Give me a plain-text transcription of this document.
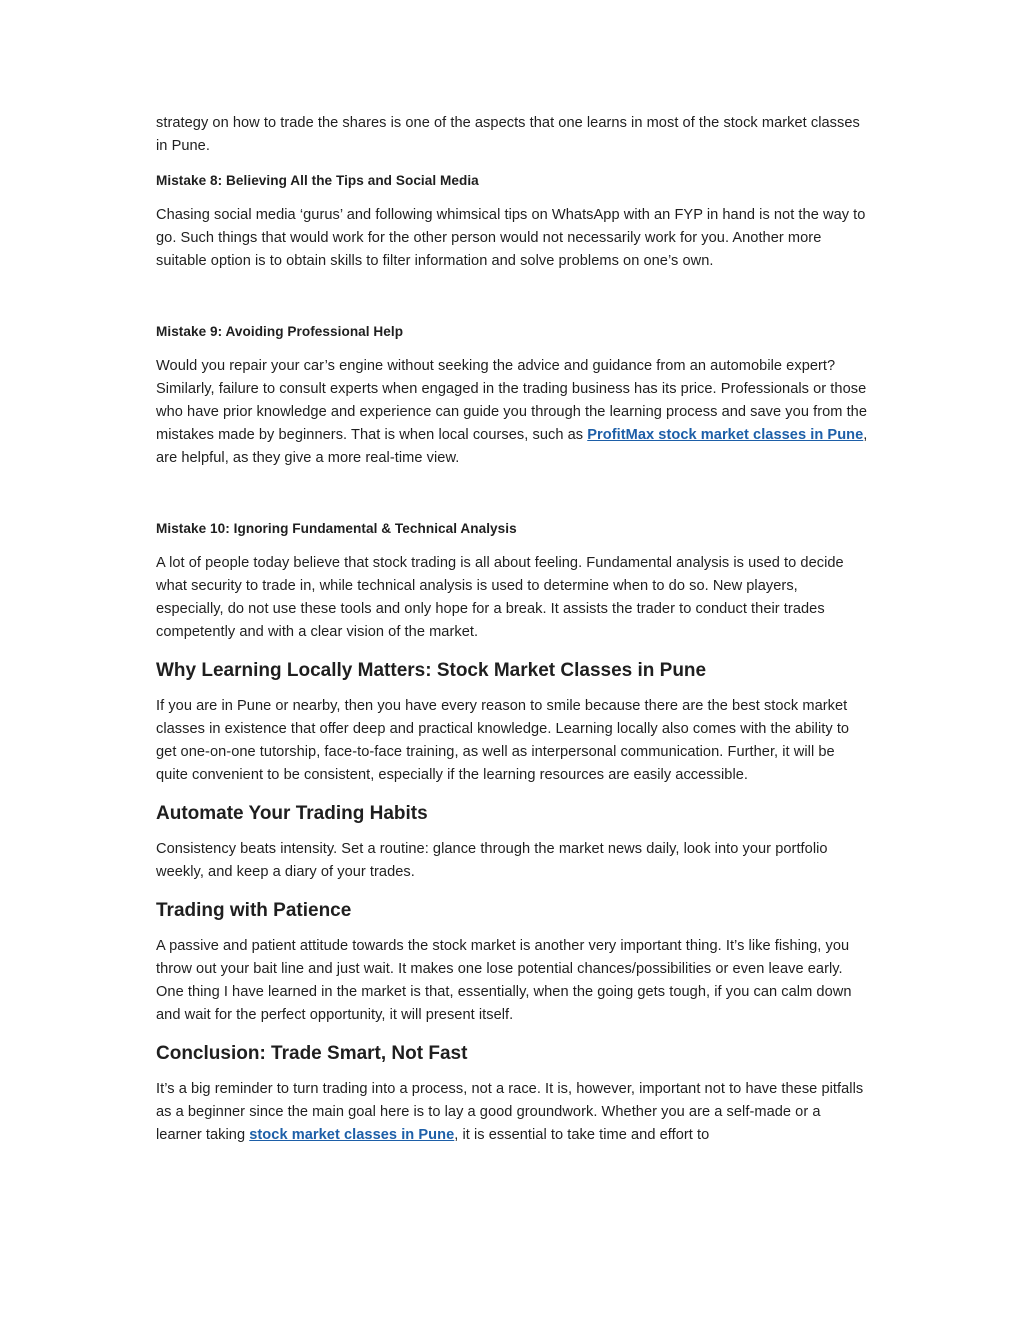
strategy on how to trade the shares is one of the aspects that one learns in most of the stock market classes in Pune.

Mistake 8: Believing All the Tips and Social Media

Chasing social media ‘gurus’ and following whimsical tips on WhatsApp with an FYP in hand is not the way to go. Such things that would work for the other person would not necessarily work for you. Another more suitable option is to obtain skills to filter information and solve problems on one’s own.

Mistake 9: Avoiding Professional Help

Would you repair your car’s engine without seeking the advice and guidance from an automobile expert? Similarly, failure to consult experts when engaged in the trading business has its price. Professionals or those who have prior knowledge and experience can guide you through the learning process and save you from the mistakes made by beginners. That is when local courses, such as ProfitMax stock market classes in Pune, are helpful, as they give a more real-time view.

Mistake 10: Ignoring Fundamental & Technical Analysis

A lot of people today believe that stock trading is all about feeling. Fundamental analysis is used to decide what security to trade in, while technical analysis is used to determine when to do so. New players, especially, do not use these tools and only hope for a break. It assists the trader to conduct their trades competently and with a clear vision of the market.

Why Learning Locally Matters: Stock Market Classes in Pune

If you are in Pune or nearby, then you have every reason to smile because there are the best stock market classes in existence that offer deep and practical knowledge. Learning locally also comes with the ability to get one-on-one tutorship, face-to-face training, as well as interpersonal communication. Further, it will be quite convenient to be consistent, especially if the learning resources are easily accessible.

Automate Your Trading Habits

Consistency beats intensity. Set a routine: glance through the market news daily, look into your portfolio weekly, and keep a diary of your trades.

Trading with Patience

A passive and patient attitude towards the stock market is another very important thing. It’s like fishing, you throw out your bait line and just wait. It makes one lose potential chances/possibilities or even leave early. One thing I have learned in the market is that, essentially, when the going gets tough, if you can calm down and wait for the perfect opportunity, it will present itself.

Conclusion: Trade Smart, Not Fast

It’s a big reminder to turn trading into a process, not a race. It is, however, important not to have these pitfalls as a beginner since the main goal here is to lay a good groundwork. Whether you are a self-made or a learner taking stock market classes in Pune, it is essential to take time and effort to
